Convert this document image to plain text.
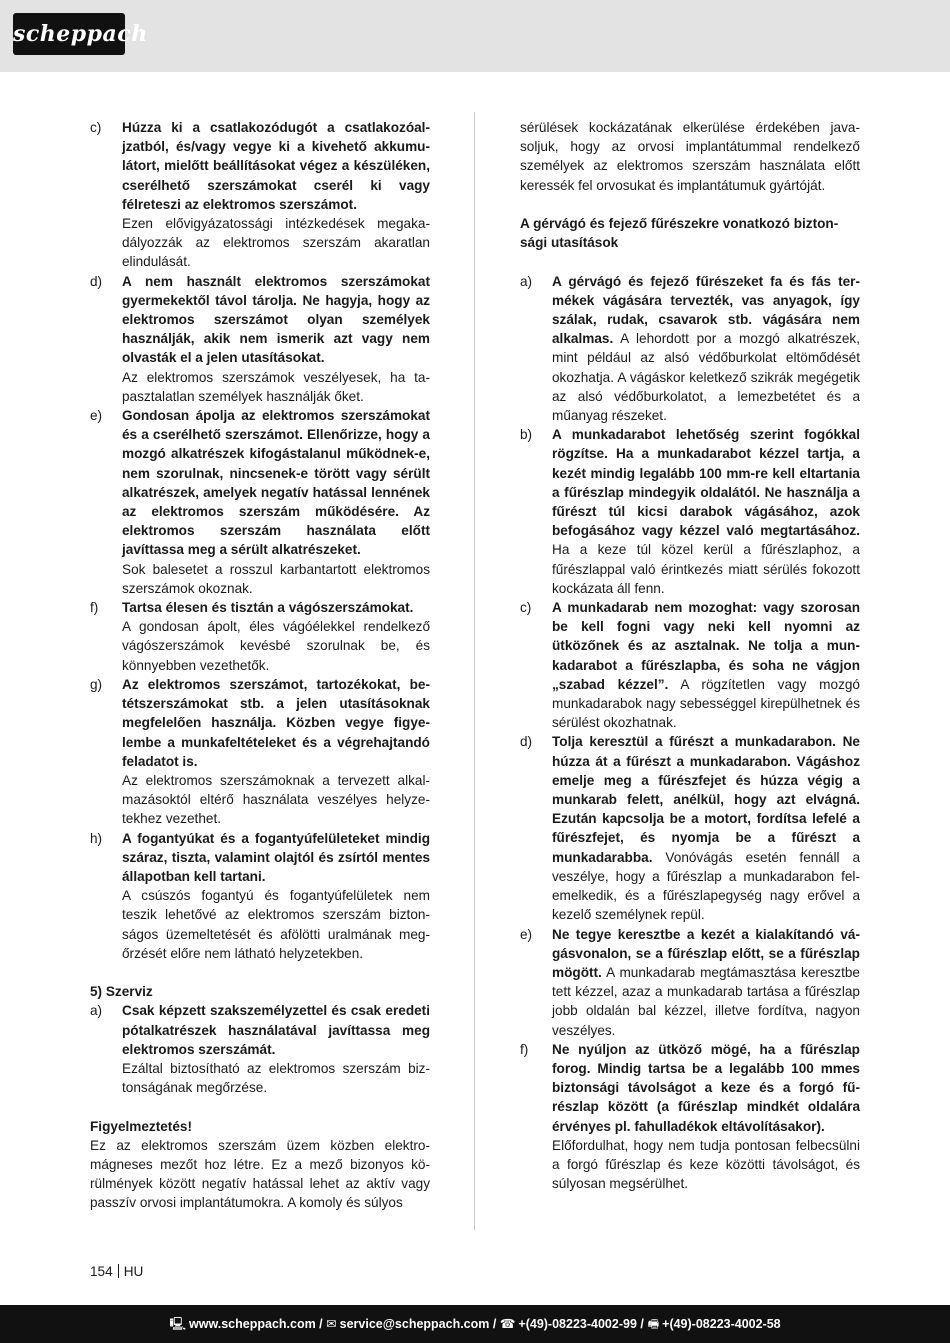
scheppach
c) Húzza ki a csatlakozódugót a csatlakozóaljzatból, és/vagy vegye ki a kivehető akkumulátort, mielőtt beállításokat végez a készüléken, cserélhető szerszámokat cserél ki vagy félreteszi az elektromos szerszámot.

Ezen elővigyázatossági intézkedések megakadályozzák az elektromos szerszám akaratlan elindulását.

d) A nem használt elektromos szerszámokat gyermekektől távol tárolja. Ne hagyja, hogy az elektromos szerszámot olyan személyek használják, akik nem ismerik azt vagy nem olvasták el a jelen utasításokat.

Az elektromos szerszámok veszélyesek, ha tapasztalatlan személyek használják őket.

e) Gondosan ápolja az elektromos szerszámokat és a cserélhető szerszámot. Ellenőrizze, hogy a mozgó alkatrészek kifogástalanul működnek-e, nem szorulnak, nincsenek-e törött vagy sérült alkatrészek, amelyek negatív hatással lennének az elektromos szerszám működésére. Az elektromos szerszám használata előtt javíttassa meg a sérült alkatrészeket.

Sok balesetet a rosszul karbantartott elektromos szerszámok okoznak.

f) Tartsa élesen és tisztán a vágószerszámokat.

A gondosan ápolt, éles vágóélekkel rendelkező vágószerszámok kevésbé szorulnak be, és könnyebben vezethetők.

g) Az elektromos szerszámot, tartozékokat, betétszerszámokat stb. a jelen utasításoknak megfelelően használja. Közben vegye figyelembe a munkafeltételeket és a végrehajtandó feladatot is.

Az elektromos szerszámoknak a tervezett alkalmazásoktól eltérő használata veszélyes helyzetekhez vezethet.

h) A fogantyúkat és a fogantyúfelületeket mindig száraz, tiszta, valamint olajtól és zsírtól mentes állapotban kell tartani.

A csúszós fogantyú és fogantyúfelületek nem teszik lehetővé az elektromos szerszám biztonságos üzemeltetését és afölötti uralmának megőrzését előre nem látható helyzetekben.

5) Szerviz

a) Csak képzett szakszemélyzettel és csak eredeti pótalkatrészek használatával javíttassa meg elektromos szerszámát.

Ezáltal biztosítható az elektromos szerszám biztonságának megőrzése.

Figyelmeztetés!

Ez az elektromos szerszám üzem közben elektromágneses mezőt hoz létre. Ez a mező bizonyos körülmények között negatív hatással lehet az aktív vagy passzív orvosi implantátumokra. A komoly és súlyos

sérülések kockázatának elkerülése érdekében javasoljuk, hogy az orvosi implantátummal rendelkező személyek az elektromos szerszám használata előtt keressék fel orvosukat és implantátumuk gyártóját.

A gérvágó és fejező fűrészekre vonatkozó biztonsági utasítások

a) A gérvágó és fejező fűrészeket fa és fás termékek vágására tervezték, vas anyagok, így szálak, rudak, csavarok stb. vágására nem alkalmas. A lehordott por a mozgó alkatrészek, mint például az alsó védőburkolat eltömődését okozhatja. A vágáskor keletkező szikrák megégetik az alsó védőburkolatot, a lemezbetétet és a műanyag részeket.

b) A munkadarabot lehetőség szerint fogókkal rögzítse. Ha a munkadarabot kézzel tartja, a kezét mindig legalább 100 mm-re kell eltartania a fűrészlap mindegyik oldalától. Ne használja a fűrészt túl kicsi darabok vágásához, azok befogásához vagy kézzel való megtartásához. Ha a keze túl közel kerül a fűrészlaphoz, a fűrészlappal való érintkezés miatt sérülés fokozott kockázata áll fenn.

c) A munkadarab nem mozoghat: vagy szorosan be kell fogni vagy neki kell nyomni az ütközőnek és az asztalnak. Ne tolja a munkadarabot a fűrészlapba, és soha ne vágjon „szabad kézzel”. A rögzítetlen vagy mozgó munkadarabok nagy sebességgel kirepülhetnek és sérülést okozhatnak.

d) Tolja keresztül a fűrészt a munkadarabon. Ne húzza át a fűrészt a munkadarabon. Vágáshoz emelje meg a fűrészfejet és húzza végig a munkarab felett, anélkül, hogy azt elvágná. Ezután kapcsolja be a motort, fordítsa lefelé a fűrészfejet, és nyomja be a fűrészt a munkadarabba. Vonóvágás esetén fennáll a veszélye, hogy a fűrészlap a munkadarabon felemelkedik, és a fűrészlapegység nagy erővel a kezelő személynek repül.

e) Ne tegye keresztbe a kezét a kialakítandó vágásvonalon, se a fűrészlap előtt, se a fűrészlap mögött. A munkadarab megtámasztása keresztbe tett kézzel, azaz a munkadarab tartása a fűrészlap jobb oldalán bal kézzel, illetve fordítva, nagyon veszélyes.

f) Ne nyúljon az ütköző mögé, ha a fűrészlap forog. Mindig tartsa be a legalább 100 mmes biztonsági távolságot a keze és a forgó fűrészlap között (a fűrészlap mindkét oldalára érvényes pl. fahulladékok eltávolításakor).

Előfordulhat, hogy nem tudja pontosan felbecsülni a forgó fűrészlap és keze közötti távolságot, és súlyosan megsérülhet.

154 HU
🖳 www.scheppach.com / ✉ service@scheppach.com / ☎ +(49)-08223-4002-99 / 🖷 +(49)-08223-4002-58
